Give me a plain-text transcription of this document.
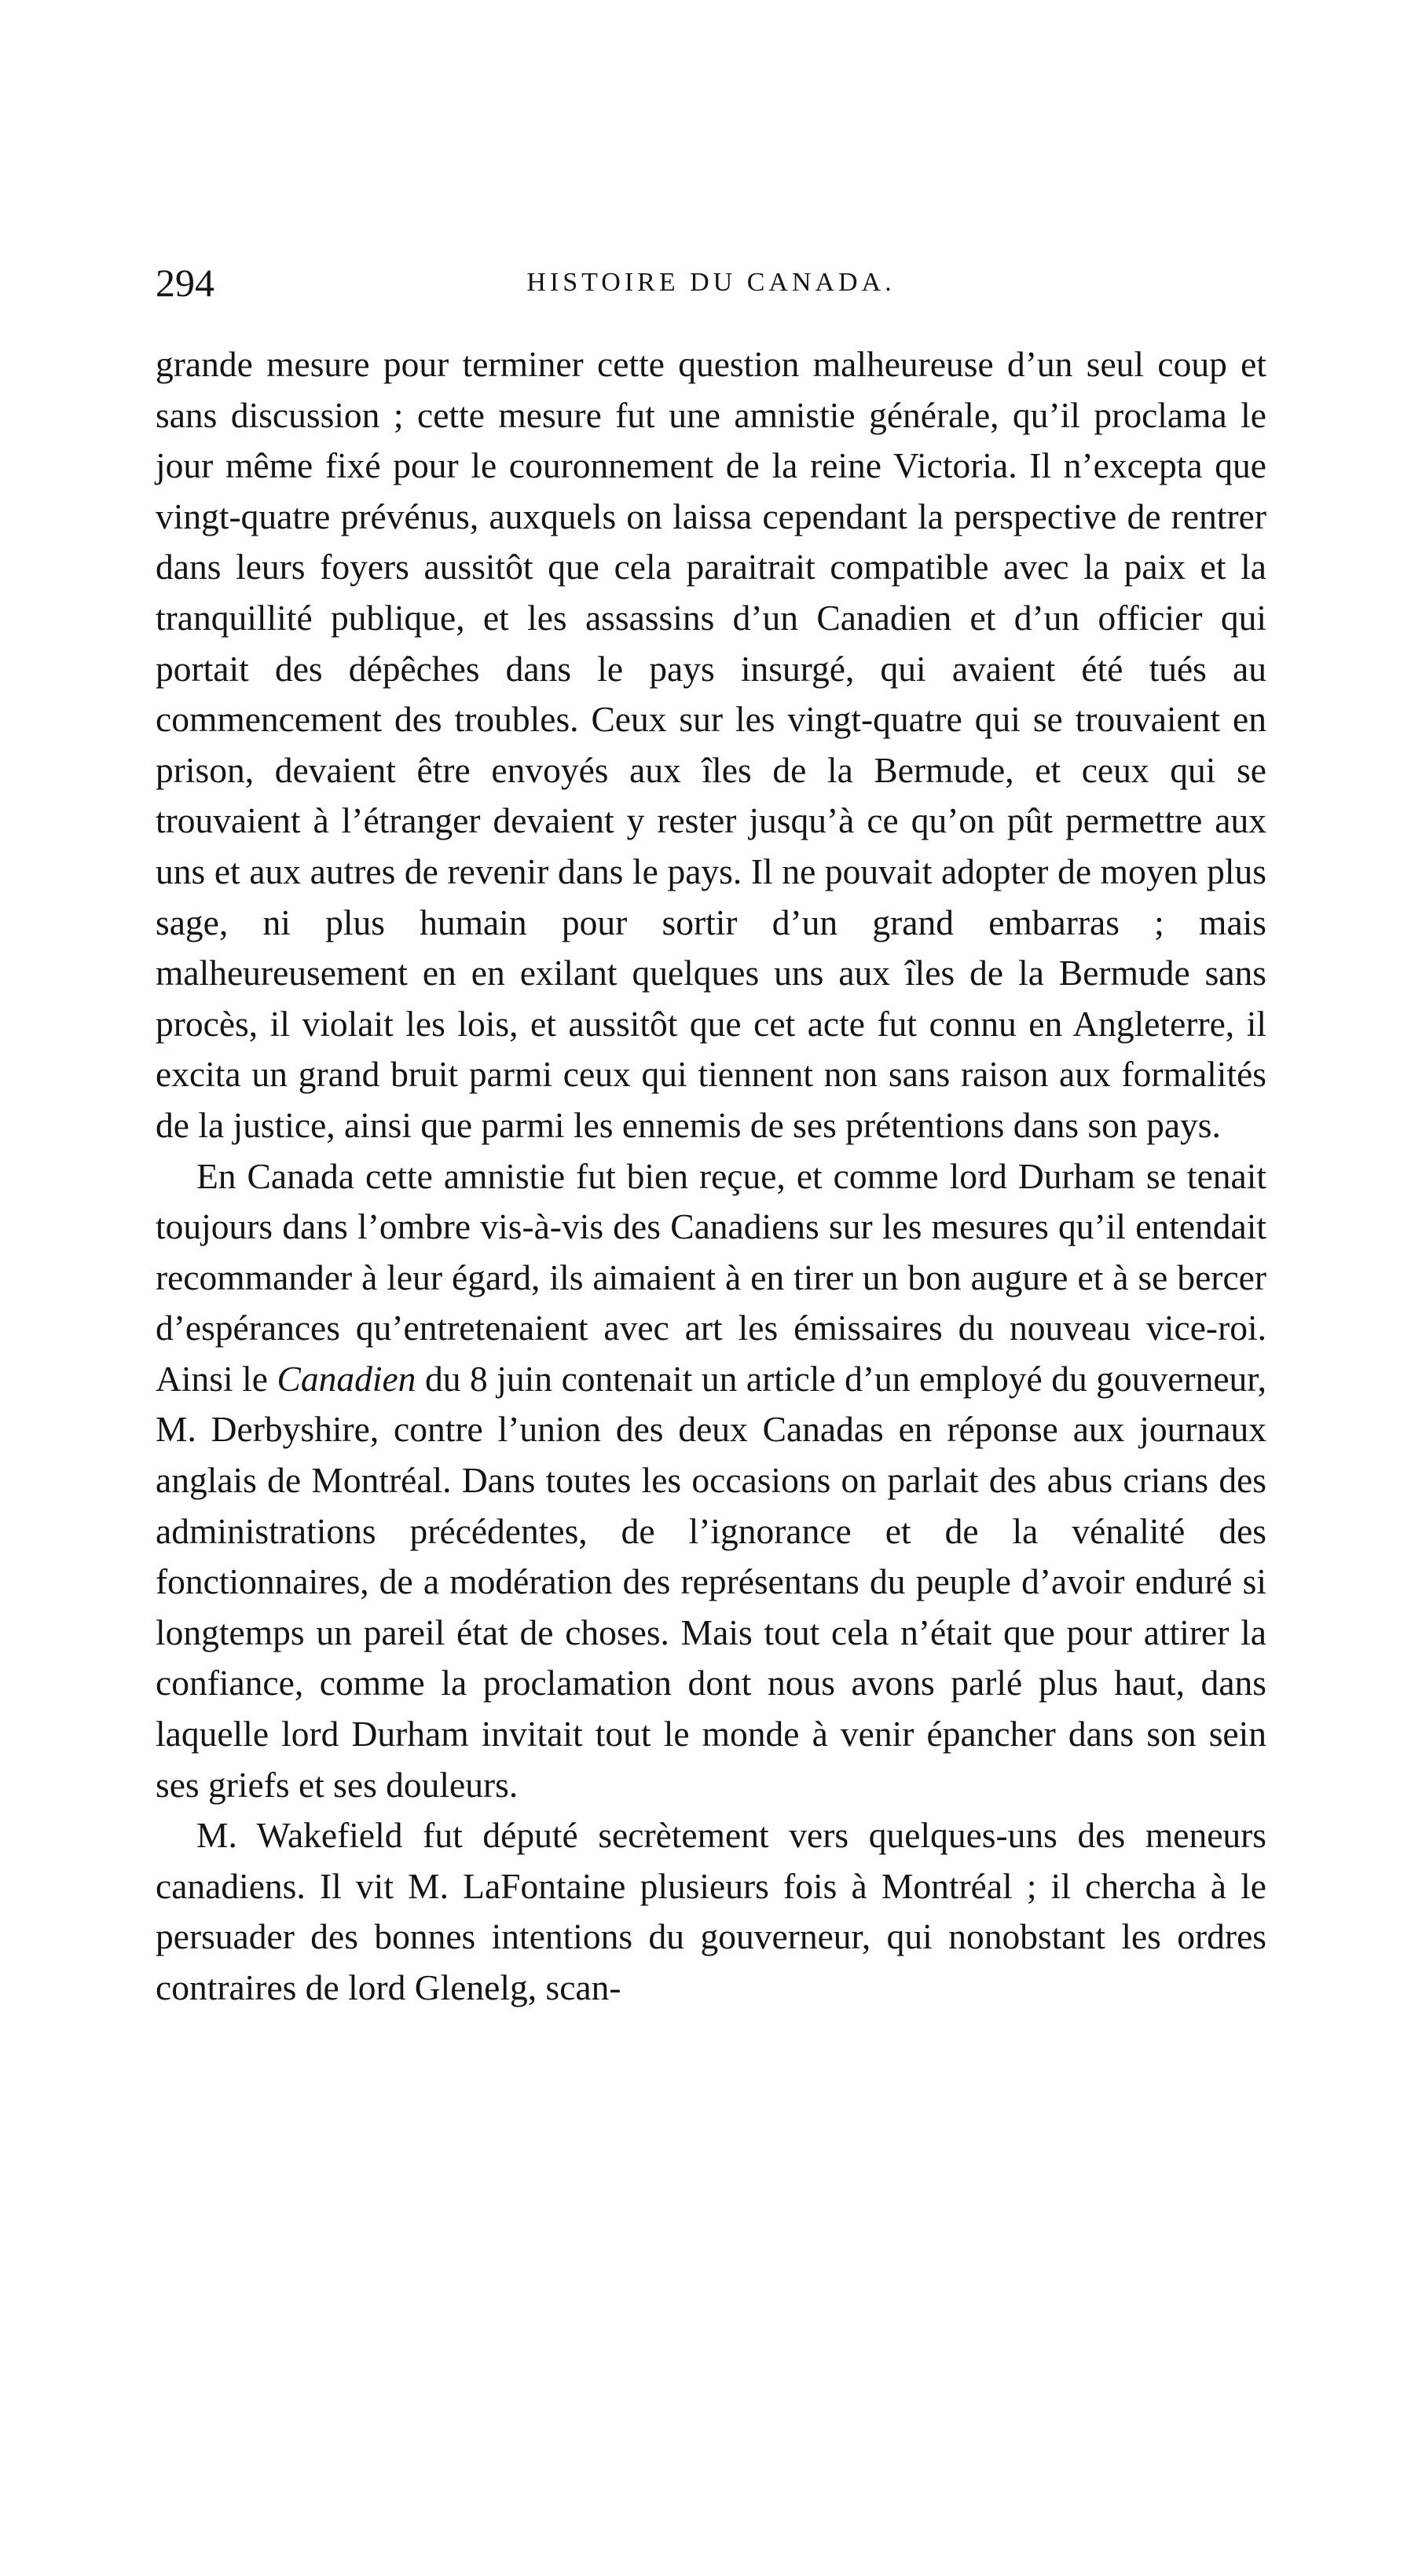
294	HISTOIRE DU CANADA.

grande mesure pour terminer cette question malheureuse d’un seul coup et sans discussion ; cette mesure fut une amnistie générale, qu’il proclama le jour même fixé pour le couronnement de la reine Victoria. Il n’excepta que vingt-quatre prévénus, auxquels on laissa cependant la perspective de rentrer dans leurs foyers aussitôt que cela paraitrait compatible avec la paix et la tranquillité publique, et les assassins d’un Canadien et d’un officier qui portait des dépêches dans le pays insurgé, qui avaient été tués au commencement des troubles. Ceux sur les vingt-quatre qui se trouvaient en prison, devaient être envoyés aux îles de la Bermude, et ceux qui se trouvaient à l’étranger devaient y rester jusqu’à ce qu’on pût permettre aux uns et aux autres de revenir dans le pays. Il ne pouvait adopter de moyen plus sage, ni plus humain pour sortir d’un grand embarras ; mais malheureusement en en exilant quelques uns aux îles de la Bermude sans procès, il violait les lois, et aussitôt que cet acte fut connu en Angleterre, il excita un grand bruit parmi ceux qui tiennent non sans raison aux formalités de la justice, ainsi que parmi les ennemis de ses prétentions dans son pays.

En Canada cette amnistie fut bien reçue, et comme lord Durham se tenait toujours dans l’ombre vis-à-vis des Canadiens sur les mesures qu’il entendait recommander à leur égard, ils aimaient à en tirer un bon augure et à se bercer d’espérances qu’entretenaient avec art les émissaires du nouveau vice-roi. Ainsi le Canadien du 8 juin contenait un article d’un employé du gouverneur, M. Derbyshire, contre l’union des deux Canadas en réponse aux journaux anglais de Montréal. Dans toutes les occasions on parlait des abus crians des administrations précédentes, de l’ignorance et de la vénalité des fonctionnaires, de a modération des représentans du peuple d’avoir enduré si longtemps un pareil état de choses. Mais tout cela n’était que pour attirer la confiance, comme la proclamation dont nous avons parlé plus haut, dans laquelle lord Durham invitait tout le monde à venir épancher dans son sein ses griefs et ses douleurs.

M. Wakefield fut député secrètement vers quelques-uns des meneurs canadiens. Il vit M. LaFontaine plusieurs fois à Montréal ; il chercha à le persuader des bonnes intentions du gouverneur, qui nonobstant les ordres contraires de lord Glenelg, scan-
